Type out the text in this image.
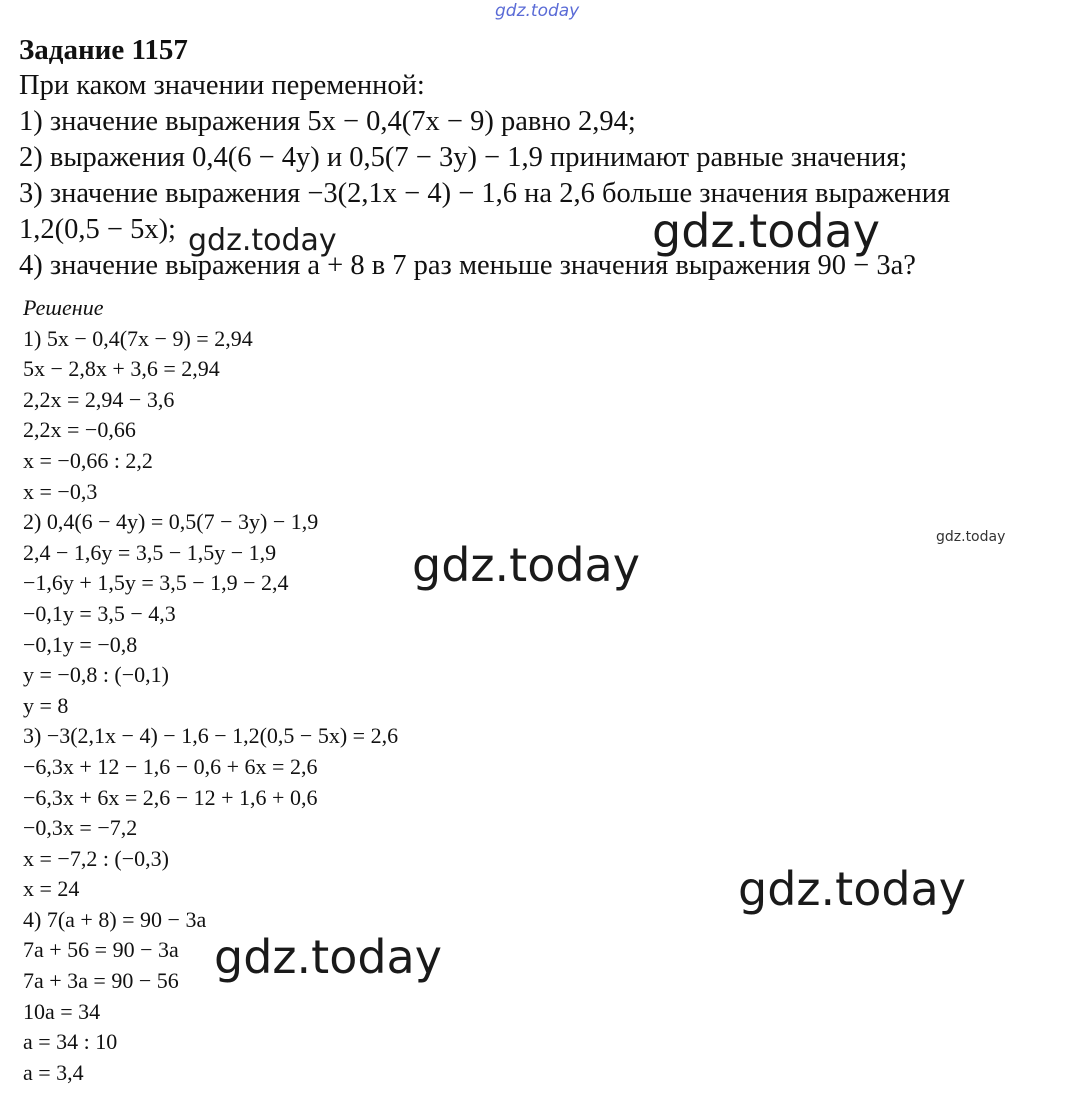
Задание 1157
При каком значении переменной:
1) значение выражения 5х − 0,4(7х − 9) равно 2,94;
2) выражения 0,4(6 − 4у) и 0,5(7 − 3у) − 1,9 принимают равные значения;
3) значение выражения −3(2,1х − 4) − 1,6 на 2,6 больше значения выражения
1,2(0,5 − 5х);
4) значение выражения а + 8 в 7 раз меньше значения выражения 90 − 3а?
Решение
1) 5х − 0,4(7х − 9) = 2,94
5х − 2,8х + 3,6 = 2,94
2,2х = 2,94 − 3,6
2,2х = −0,66
х = −0,66 : 2,2
х = −0,3
2) 0,4(6 − 4у) = 0,5(7 − 3у) − 1,9
2,4 − 1,6у = 3,5 − 1,5у − 1,9
−1,6у + 1,5у = 3,5 − 1,9 − 2,4
−0,1у = 3,5 − 4,3
−0,1у = −0,8
у = −0,8 : (−0,1)
у = 8
3) −3(2,1х − 4) − 1,6 − 1,2(0,5 − 5х) = 2,6
−6,3х + 12 − 1,6 − 0,6 + 6х = 2,6
−6,3х + 6х = 2,6 − 12 + 1,6 + 0,6
−0,3х = −7,2
х = −7,2 : (−0,3)
х = 24
4) 7(а + 8) = 90 − 3а
7а + 56 = 90 − 3а
7а + 3а = 90 − 56
10а = 34
а = 34 : 10
а = 3,4
gdz.today
gdz.today
gdz.today	gdz.today
gdz.today
gdz.today
gdz.today
